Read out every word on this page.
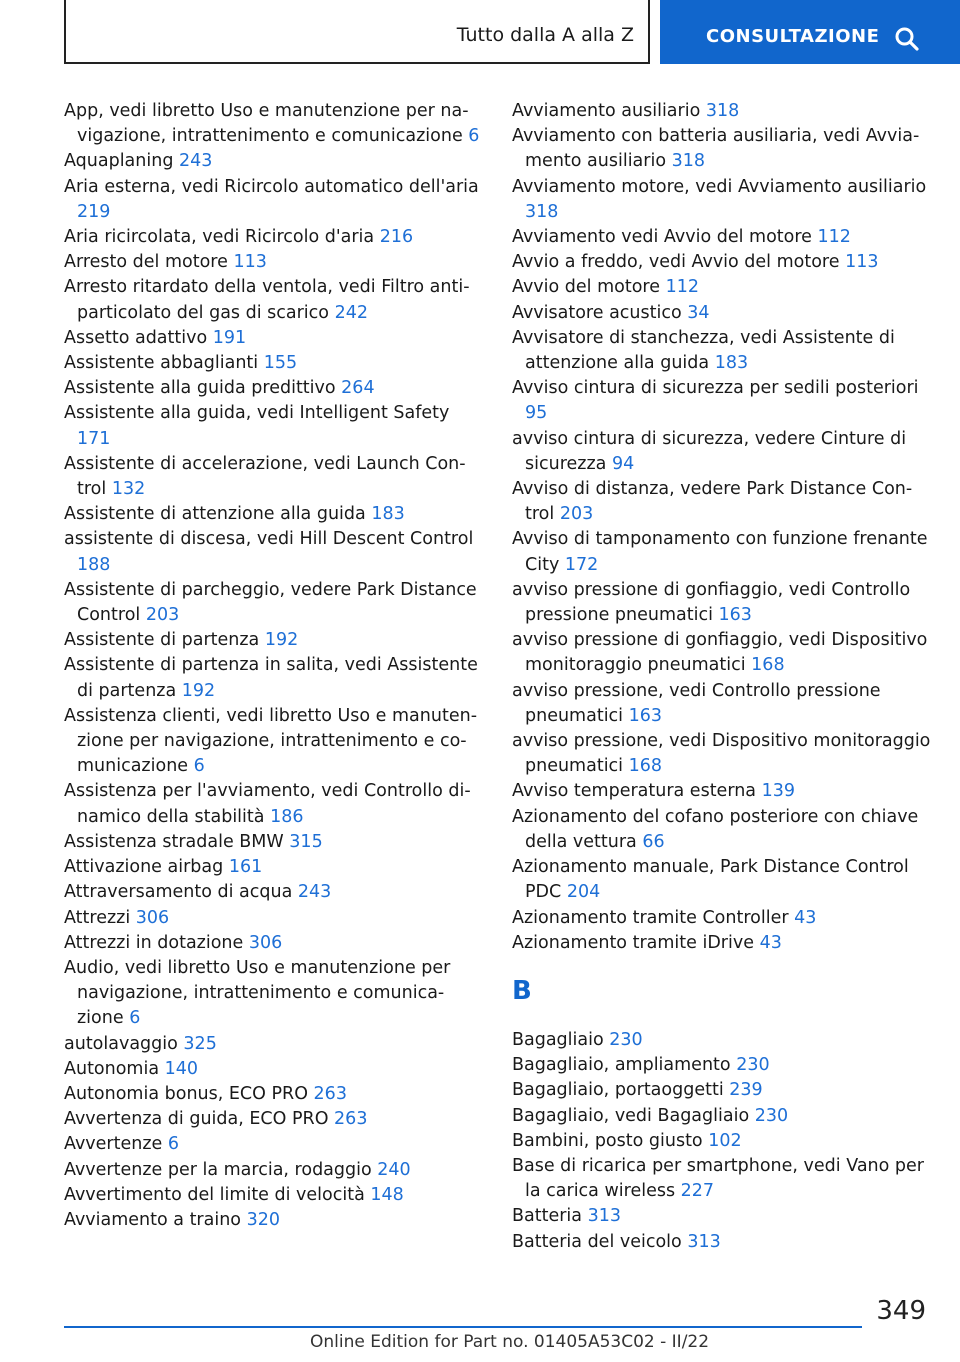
Tutto dalla A alla Z	CONSULTAZIONE
App, vedi libretto Uso e manutenzione per navigazione, intrattenimento e comunicazione 6
Aquaplaning 243
Aria esterna, vedi Ricircolo automatico dell'aria 219
Aria ricircolata, vedi Ricircolo d'aria 216
Arresto del motore 113
Arresto ritardato della ventola, vedi Filtro antiparticolato del gas di scarico 242
Assetto adattivo 191
Assistente abbaglianti 155
Assistente alla guida predittivo 264
Assistente alla guida, vedi Intelligent Safety 171
Assistente di accelerazione, vedi Launch Control 132
Assistente di attenzione alla guida 183
assistente di discesa, vedi Hill Descent Control 188
Assistente di parcheggio, vedere Park Distance Control 203
Assistente di partenza 192
Assistente di partenza in salita, vedi Assistente di partenza 192
Assistenza clienti, vedi libretto Uso e manutenzione per navigazione, intrattenimento e comunicazione 6
Assistenza per l'avviamento, vedi Controllo dinamico della stabilità 186
Assistenza stradale BMW 315
Attivazione airbag 161
Attraversamento di acqua 243
Attrezzi 306
Attrezzi in dotazione 306
Audio, vedi libretto Uso e manutenzione per navigazione, intrattenimento e comunicazione 6
autolavaggio 325
Autonomia 140
Autonomia bonus, ECO PRO 263
Avvertenza di guida, ECO PRO 263
Avvertenze 6
Avvertenze per la marcia, rodaggio 240
Avvertimento del limite di velocità 148
Avviamento a traino 320
Avviamento ausiliario 318
Avviamento con batteria ausiliaria, vedi Avviamento ausiliario 318
Avviamento motore, vedi Avviamento ausiliario 318
Avviamento vedi Avvio del motore 112
Avvio a freddo, vedi Avvio del motore 113
Avvio del motore 112
Avvisatore acustico 34
Avvisatore di stanchezza, vedi Assistente di attenzione alla guida 183
Avviso cintura di sicurezza per sedili posteriori 95
avviso cintura di sicurezza, vedere Cinture di sicurezza 94
Avviso di distanza, vedere Park Distance Control 203
Avviso di tamponamento con funzione frenante City 172
avviso pressione di gonfiaggio, vedi Controllo pressione pneumatici 163
avviso pressione di gonfiaggio, vedi Dispositivo monitoraggio pneumatici 168
avviso pressione, vedi Controllo pressione pneumatici 163
avviso pressione, vedi Dispositivo monitoraggio pneumatici 168
Avviso temperatura esterna 139
Azionamento del cofano posteriore con chiave della vettura 66
Azionamento manuale, Park Distance Control PDC 204
Azionamento tramite Controller 43
Azionamento tramite iDrive 43
B
Bagagliaio 230
Bagagliaio, ampliamento 230
Bagagliaio, portaoggetti 239
Bagagliaio, vedi Bagagliaio 230
Bambini, posto giusto 102
Base di ricarica per smartphone, vedi Vano per la carica wireless 227
Batteria 313
Batteria del veicolo 313
349
Online Edition for Part no. 01405A53C02 - II/22
